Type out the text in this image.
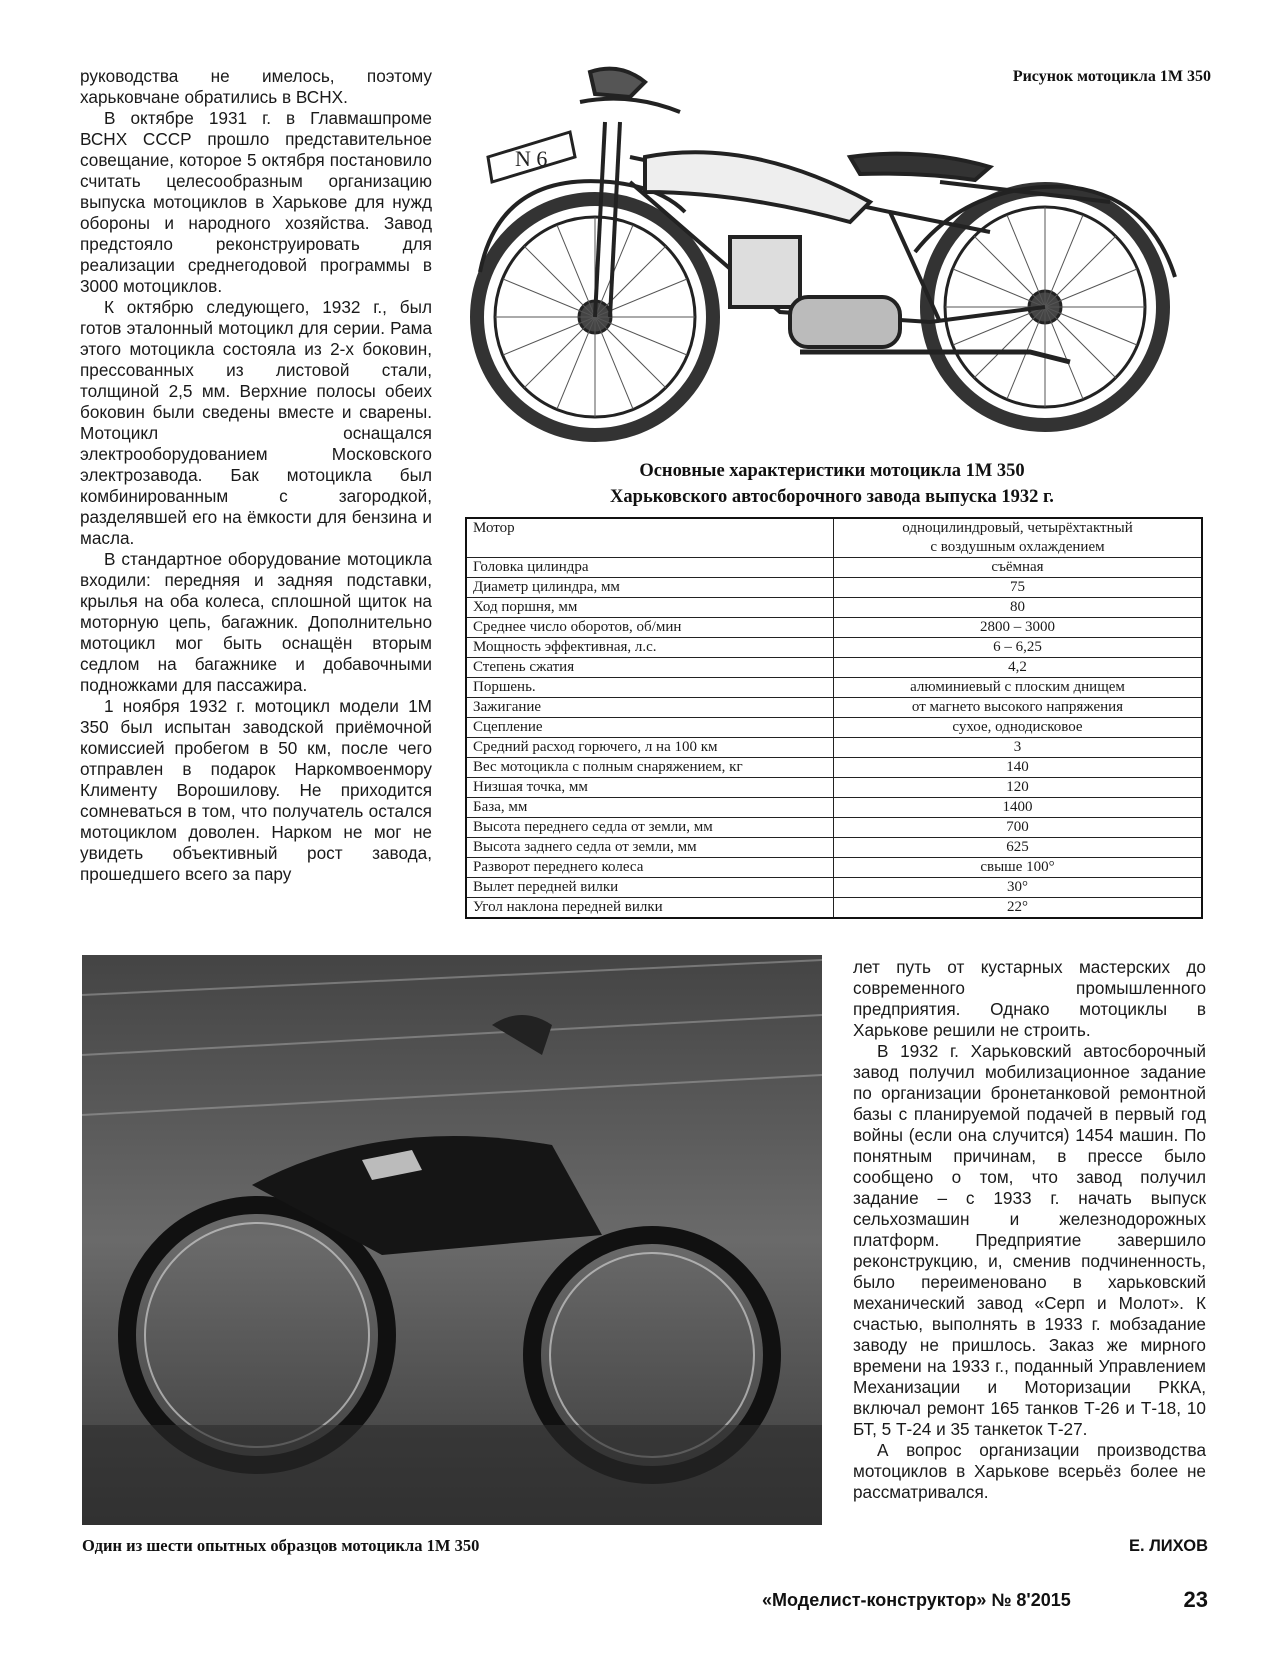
руководства не имелось, поэтому харьковчане обратились в ВСНХ.

В октябре 1931 г. в Главмашпроме ВСНХ СССР прошло представительное совещание, которое 5 октября постановило считать целесообразным организацию выпуска мотоциклов в Харькове для нужд обороны и народного хозяйства. Завод предстояло реконструировать для реализации среднегодовой программы в 3000 мотоциклов.

К октябрю следующего, 1932 г., был готов эталонный мотоцикл для серии. Рама этого мотоцикла состояла из 2-х боковин, прессованных из листовой стали, толщиной 2,5 мм. Верхние полосы обеих боковин были сведены вместе и сварены. Мотоцикл оснащался электрооборудованием Московского электрозавода. Бак мотоцикла был комбинированным с загородкой, разделявшей его на ёмкости для бензина и масла.

В стандартное оборудование мотоцикла входили: передняя и задняя подставки, крылья на оба колеса, сплошной щиток на моторную цепь, багажник. Дополнительно мотоцикл мог быть оснащён вторым седлом на багажнике и добавочными подножками для пассажира.

1 ноября 1932 г. мотоцикл модели 1М 350 был испытан заводской приёмочной комиссией пробегом в 50 км, после чего отправлен в подарок Наркомвоенмору Клименту Ворошилову. Не приходится сомневаться в том, что получатель остался мотоциклом доволен. Нарком не мог не увидеть объективный рост завода, прошедшего всего за пару

Рисунок мотоцикла 1М 350
N 6
Основные характеристики мотоцикла 1М 350
Харьковского автосборочного завода выпуска 1932 г.
Мотор	одноцилиндровый, четырёхтактный
с воздушным охлаждением

Головка цилиндра	съёмная
Диаметр цилиндра, мм	75
Ход поршня, мм	80
Среднее число оборотов, об/мин	2800 – 3000
Мощность эффективная, л.с.	6 – 6,25
Степень сжатия	4,2
Поршень.	алюминиевый с плоским днищем
Зажигание	от магнето высокого напряжения
Сцепление	сухое, однодисковое
Средний расход горючего, л на 100 км	3
Вес мотоцикла с полным снаряжением, кг	140
Низшая точка, мм	120
База, мм	1400
Высота переднего седла от земли, мм	700
Высота заднего седла от земли, мм	625
Разворот переднего колеса	свыше 100°
Вылет передней вилки	30°
Угол наклона передней вилки	22°
Один из шести опытных образцов мотоцикла 1М 350

лет путь от кустарных мастерских до современного промышленного предприятия. Однако мотоциклы в Харькове решили не строить.

В 1932 г. Харьковский автосборочный завод получил мобилизационное задание по организации бронетанковой ремонтной базы с планируемой подачей в первый год войны (если она случится) 1454 машин. По понятным причинам, в прессе было сообщено о том, что завод получил задание – с 1933 г. начать выпуск сельхозмашин и железнодорожных платформ. Предприятие завершило реконструкцию, и, сменив подчиненность, было переименовано в харьковский механический завод «Серп и Молот». К счастью, выполнять в 1933 г. мобзадание заводу не пришлось. Заказ же мирного времени на 1933 г., поданный Управлением Механизации и Моторизации РККА, включал ремонт 165 танков Т-26 и Т-18, 10 БТ, 5 Т-24 и 35 танкеток Т-27.

А вопрос организации производства мотоциклов в Харькове всерьёз более не рассматривался.

Е. ЛИХОВ
«Моделист-конструктор» № 8'2015	23
